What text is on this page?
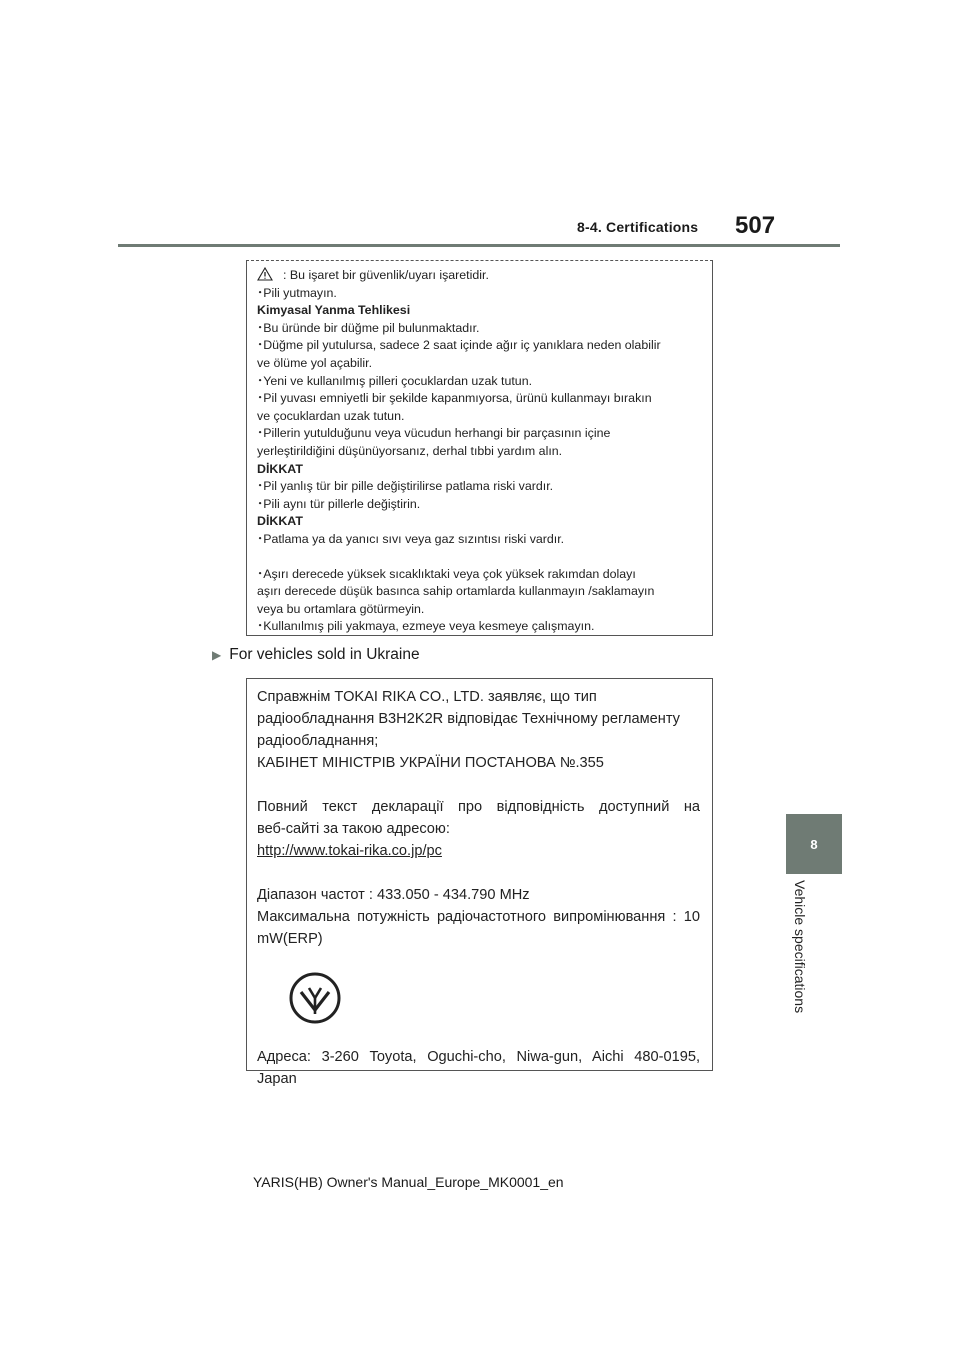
8-4. Certifications 507
8
Vehicle specifications

: Bu işaret bir güvenlik/uyarı işaretidir.

･Pili yutmayın.

Kimyasal Yanma Tehlikesi

･Bu üründe bir düğme pil bulunmaktadır.

･Düğme pil yutulursa, sadece 2 saat içinde ağır iç yanıklara neden olabilir

ve ölüme yol açabilir.

･Yeni ve kullanılmış pilleri çocuklardan uzak tutun.

･Pil yuvası emniyetli bir şekilde kapanmıyorsa, ürünü kullanmayı bırakın

ve çocuklardan uzak tutun.

･Pillerin yutulduğunu veya vücudun herhangi bir parçasının içine

yerleştirildiğini düşünüyorsanız, derhal tıbbi yardım alın.

DİKKAT

･Pil yanlış tür bir pille değiştirilirse patlama riski vardır.

･Pili aynı tür pillerle değiştirin.

DİKKAT

･Patlama ya da yanıcı sıvı veya gaz sızıntısı riski vardır.

･Aşırı derecede yüksek sıcaklıktaki veya çok yüksek rakımdan dolayı

aşırı derecede düşük basınca sahip ortamlarda kullanmayın /saklamayın

veya bu ortamlara götürmeyin.

･Kullanılmış pili yakmaya, ezmeye veya kesmeye çalışmayın.

▶ For vehicles sold in Ukraine

Справжнім TOKAI RIKA CO., LTD. заявляє, що тип

радіообладнання B3H2K2R відповідає Технічному регламенту

радіообладнання;

КАБІНЕТ МІНІСТРІВ УКРАЇНИ ПОСТАНОВА №.355

Повний текст декларації про відповідність доступний на

веб-сайті за такою адресою:

http://www.tokai-rika.co.jp/pc

Діапазон частот : 433.050 - 434.790 MHz

Максимальна потужність радіочастотного випромінювання : 10

mW(ERP)

Адреса: 3-260 Toyota, Oguchi-cho, Niwa-gun, Aichi 480-0195,

Japan

YARIS(HB) Owner's Manual_Europe_MK0001_en
